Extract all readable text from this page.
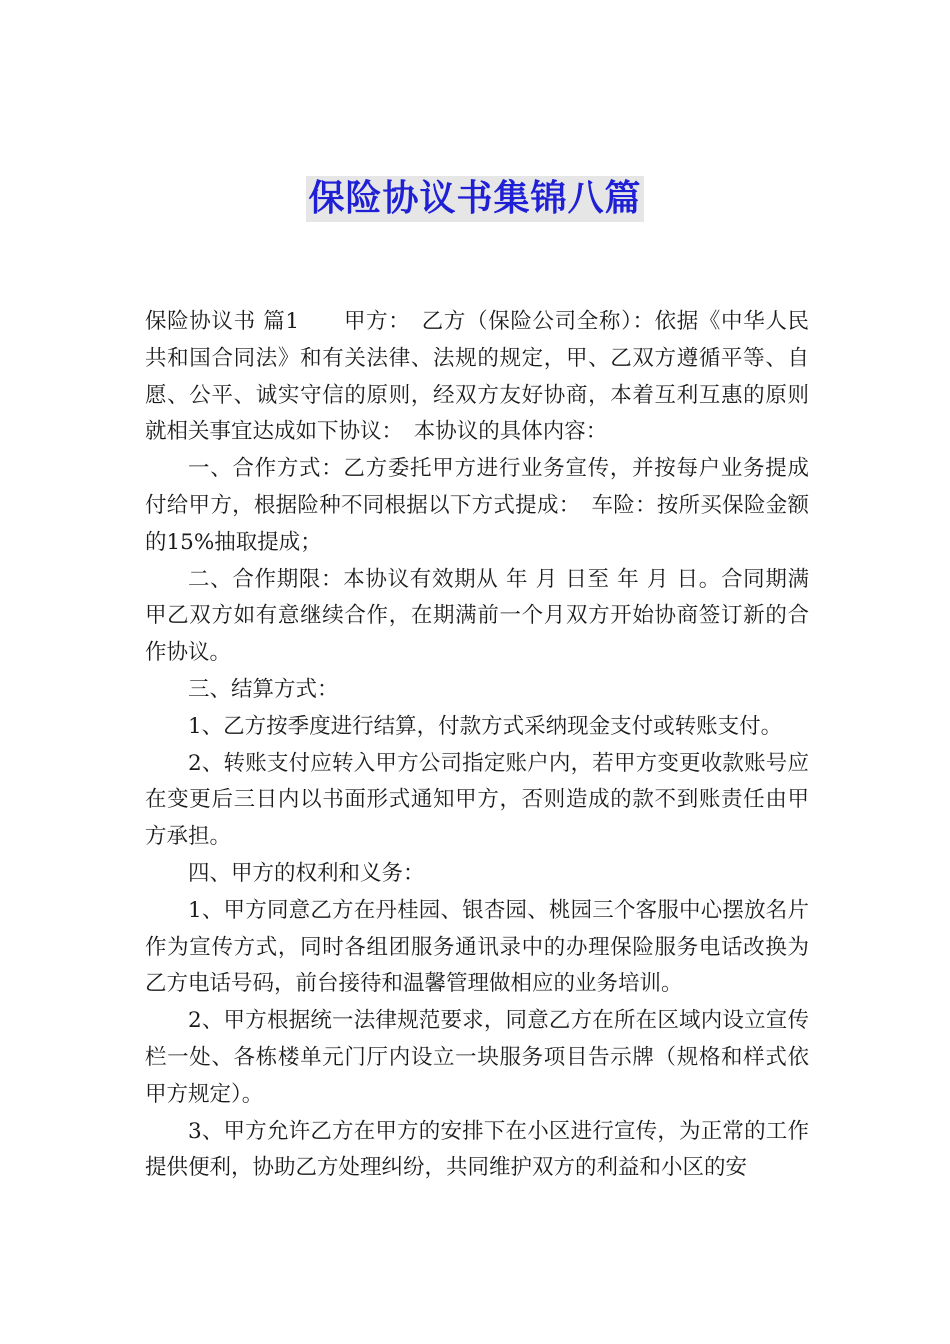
保险协议书集锦八篇

保险协议书 篇1　　甲方：　乙方（保险公司全称）：依据《中华人民共和国合同法》和有关法律、法规的规定，甲、乙双方遵循平等、自愿、公平、诚实守信的原则，经双方友好协商，本着互利互惠的原则就相关事宜达成如下协议：　本协议的具体内容：

一、合作方式：乙方委托甲方进行业务宣传，并按每户业务提成付给甲方，根据险种不同根据以下方式提成：　车险：按所买保险金额的15%抽取提成；

二、合作期限：本协议有效期从 年 月 日至 年 月 日。合同期满甲乙双方如有意继续合作，在期满前一个月双方开始协商签订新的合作协议。

三、结算方式：

1、乙方按季度进行结算，付款方式采纳现金支付或转账支付。

2、转账支付应转入甲方公司指定账户内，若甲方变更收款账号应在变更后三日内以书面形式通知甲方，否则造成的款不到账责任由甲方承担。

四、甲方的权利和义务：

1、甲方同意乙方在丹桂园、银杏园、桃园三个客服中心摆放名片作为宣传方式，同时各组团服务通讯录中的办理保险服务电话改换为乙方电话号码，前台接待和温馨管理做相应的业务培训。

2、甲方根据统一法律规范要求，同意乙方在所在区域内设立宣传栏一处、各栋楼单元门厅内设立一块服务项目告示牌（规格和样式依甲方规定）。

3、甲方允许乙方在甲方的安排下在小区进行宣传，为正常的工作提供便利，协助乙方处理纠纷，共同维护双方的利益和小区的安
